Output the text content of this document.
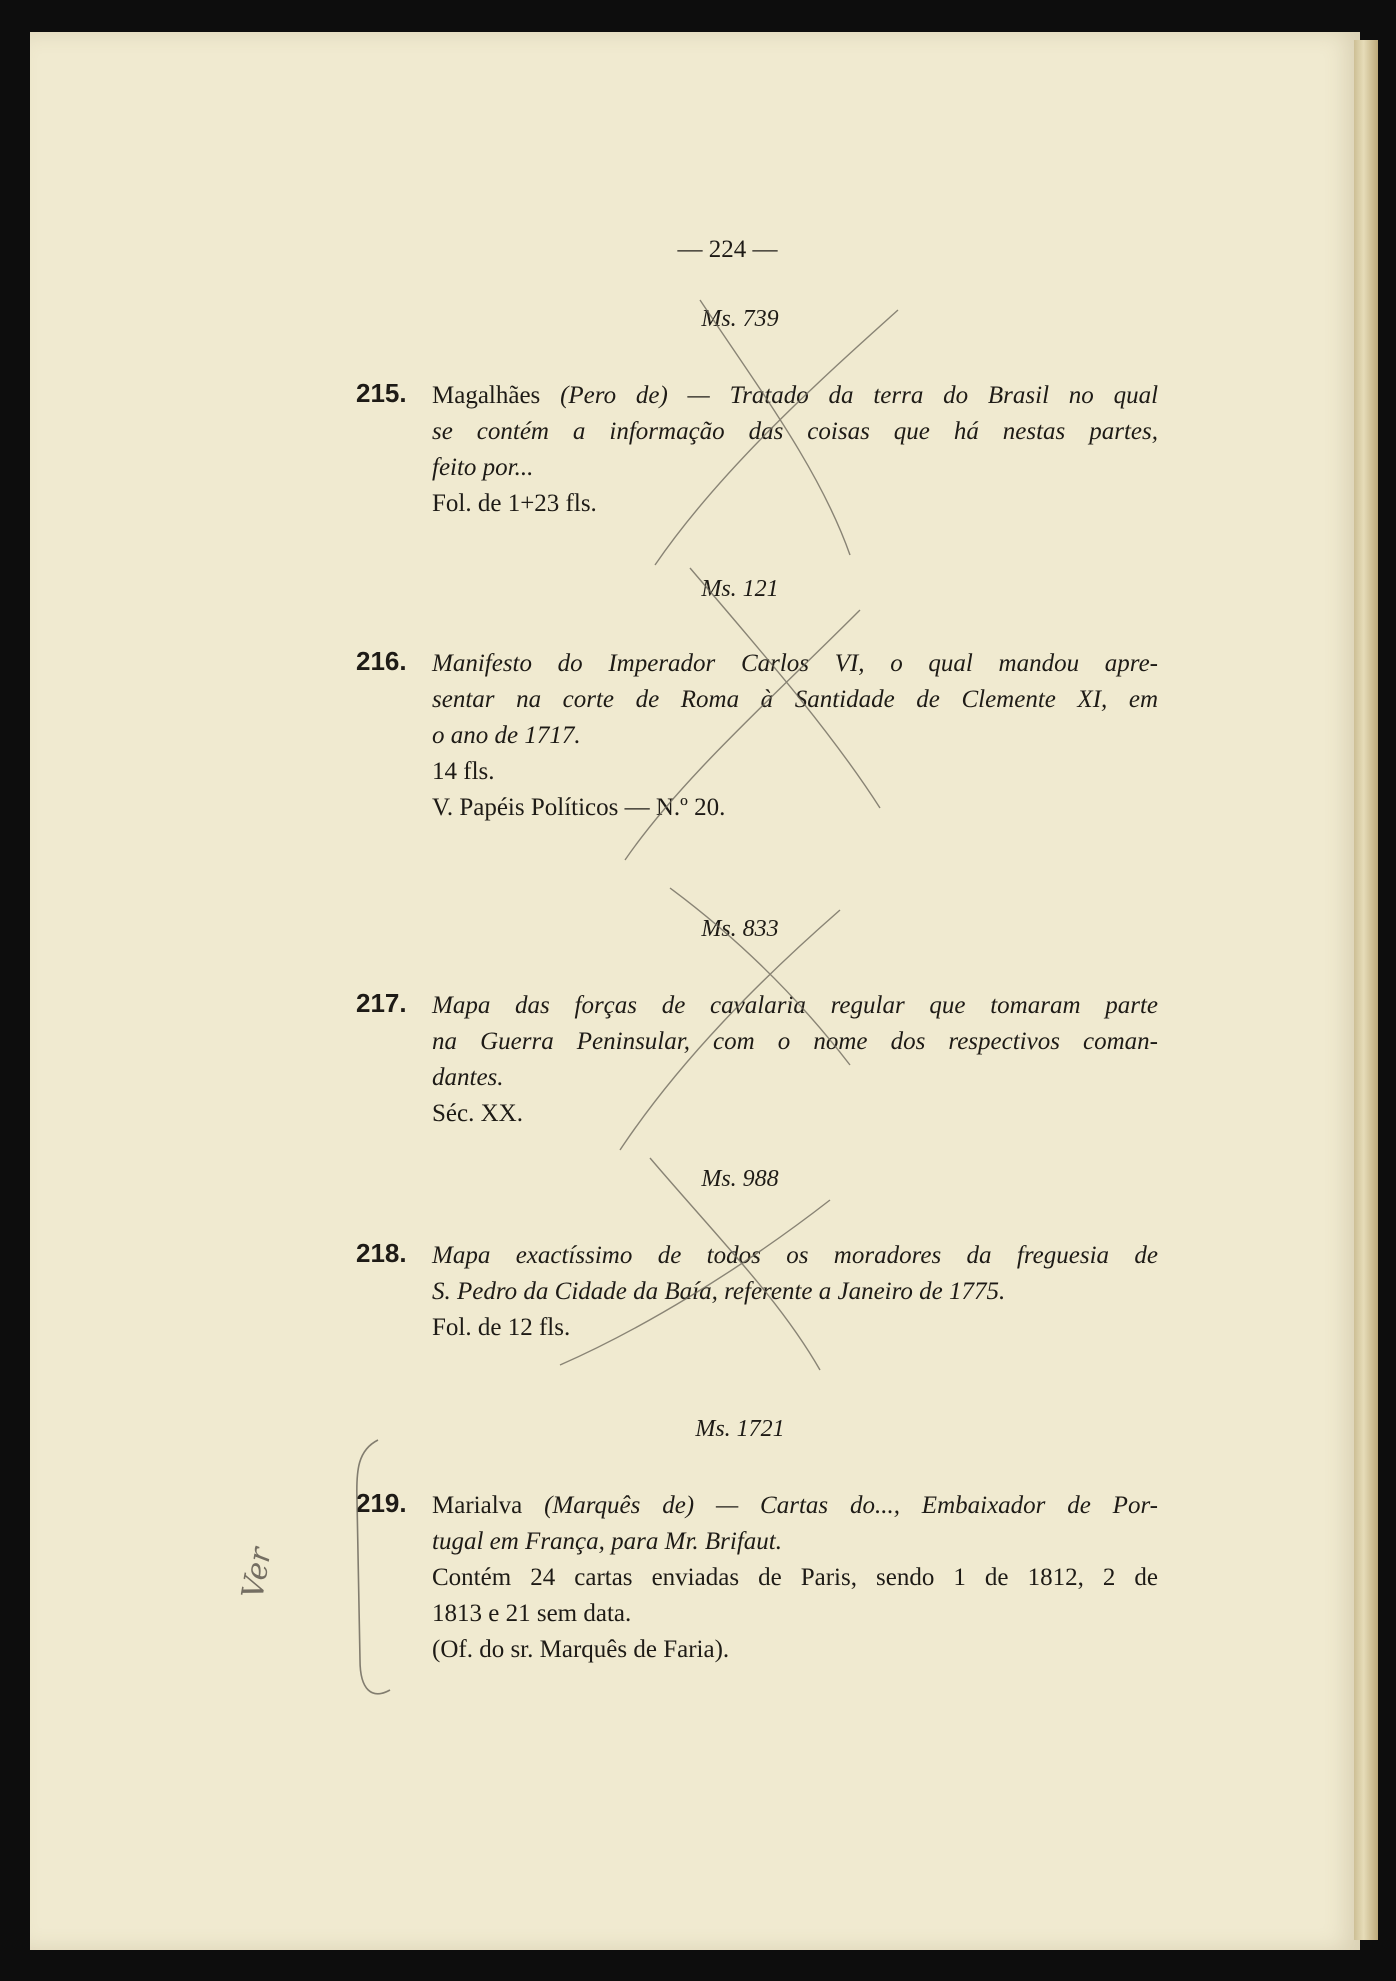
— 224 —
Ms. 739
215. Magalhães (Pero de) — Tratado da terra do Brasil no qual

se contém a informação das coisas que há nestas partes,

feito por...

Fol. de 1+23 fls.

Ms. 121
216. Manifesto do Imperador Carlos VI, o qual mandou apre-

sentar na corte de Roma à Santidade de Clemente XI, em

o ano de 1717.

14 fls.

V. Papéis Políticos — N.º 20.

Ms. 833
217. Mapa das forças de cavalaria regular que tomaram parte

na Guerra Peninsular, com o nome dos respectivos coman-

dantes.

Séc. XX.

Ms. 988
218. Mapa exactíssimo de todos os moradores da freguesia de

S. Pedro da Cidade da Baía, referente a Janeiro de 1775.

Fol. de 12 fls.

Ms. 1721
219. Marialva (Marquês de) — Cartas do..., Embaixador de Por-

tugal em França, para Mr. Brifaut.

Contém 24 cartas enviadas de Paris, sendo 1 de 1812, 2 de

1813 e 21 sem data.

(Of. do sr. Marquês de Faria).

Ver
